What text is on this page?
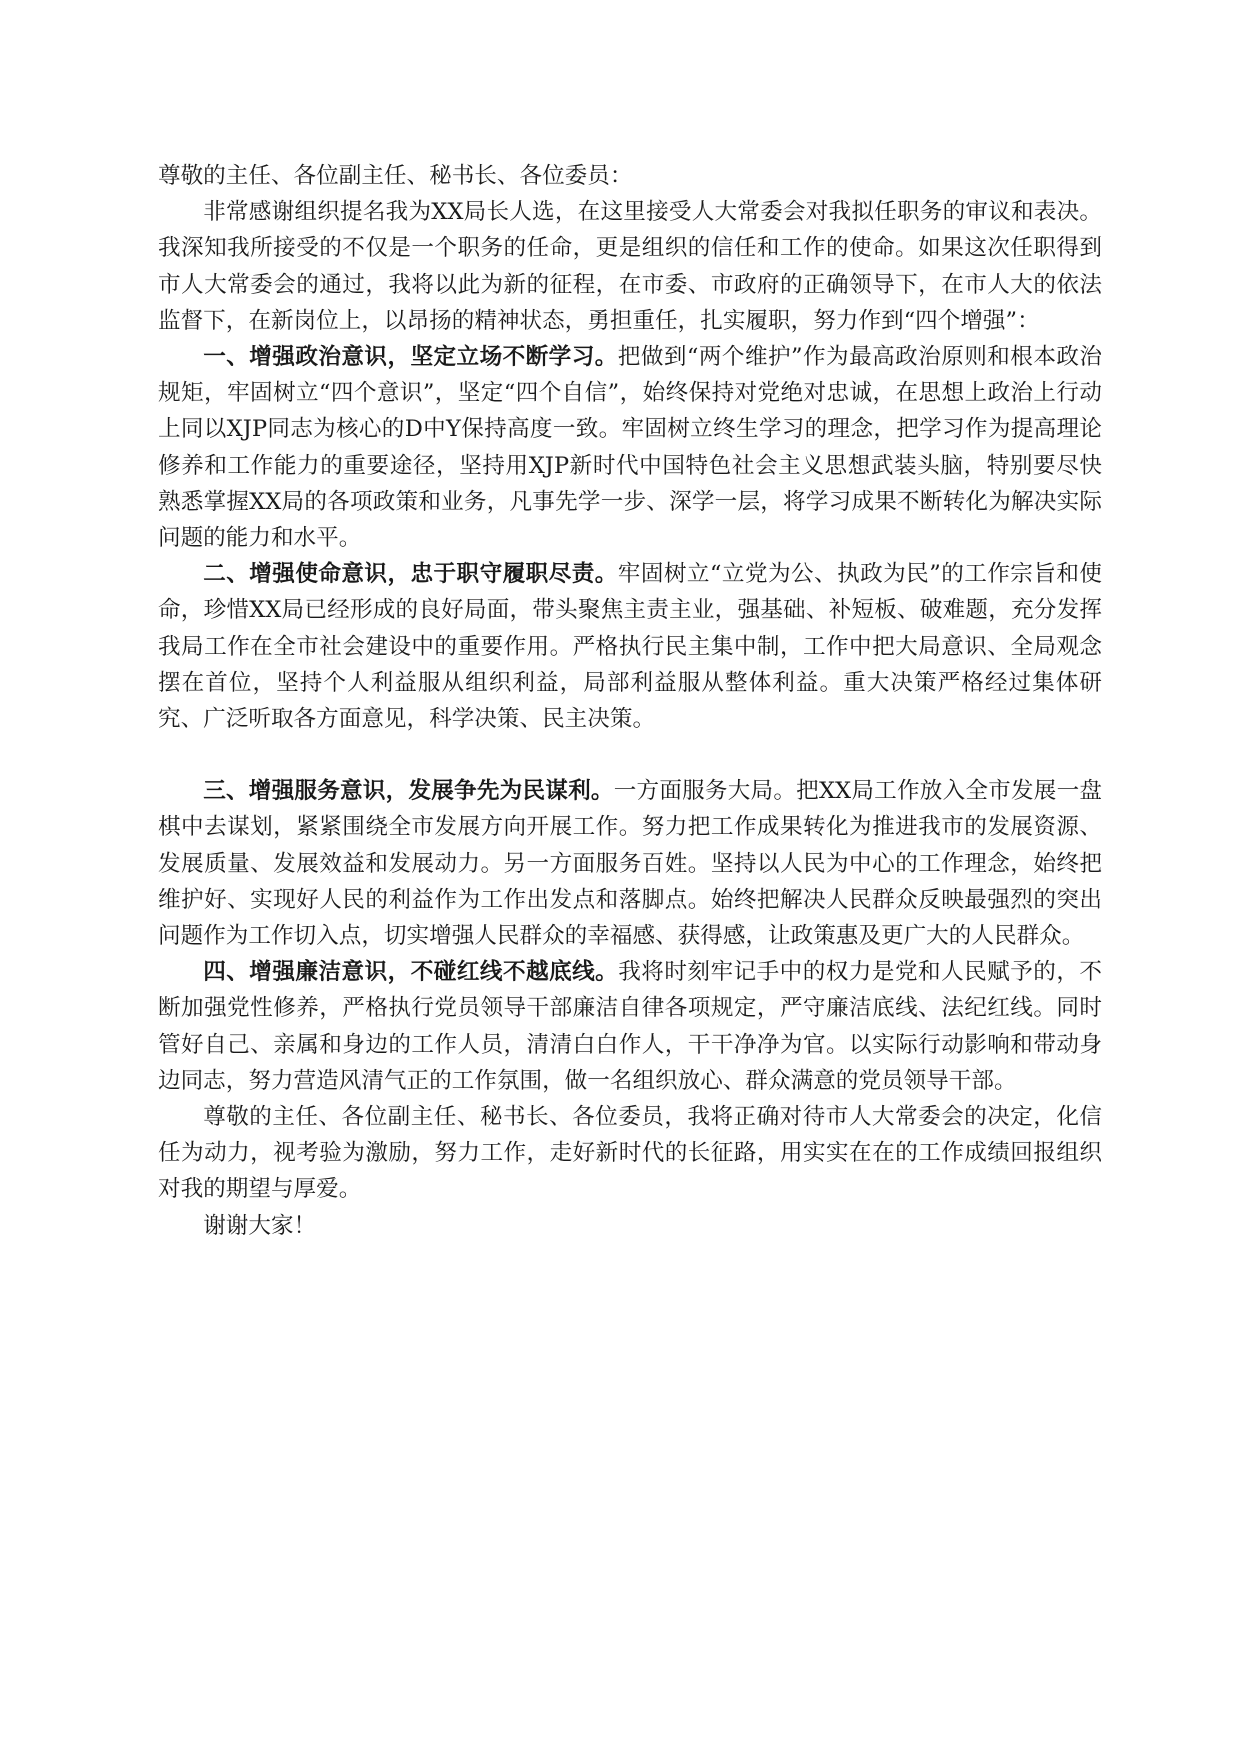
尊敬的主任、各位副主任、秘书长、各位委员：

非常感谢组织提名我为XX局长人选，在这里接受人大常委会对我拟任职务的审议和表决。我深知我所接受的不仅是一个职务的任命，更是组织的信任和工作的使命。如果这次任职得到市人大常委会的通过，我将以此为新的征程，在市委、市政府的正确领导下，在市人大的依法监督下，在新岗位上，以昂扬的精神状态，勇担重任，扎实履职，努力作到“四个增强”：

一、增强政治意识，坚定立场不断学习。把做到“两个维护”作为最高政治原则和根本政治规矩，牢固树立“四个意识”，坚定“四个自信”，始终保持对党绝对忠诚，在思想上政治上行动上同以XJP同志为核心的D中Y保持高度一致。牢固树立终生学习的理念，把学习作为提高理论修养和工作能力的重要途径，坚持用XJP新时代中国特色社会主义思想武装头脑，特别要尽快熟悉掌握XX局的各项政策和业务，凡事先学一步、深学一层，将学习成果不断转化为解决实际问题的能力和水平。

二、增强使命意识，忠于职守履职尽责。牢固树立“立党为公、执政为民”的工作宗旨和使命，珍惜XX局已经形成的良好局面，带头聚焦主责主业，强基础、补短板、破难题，充分发挥我局工作在全市社会建设中的重要作用。严格执行民主集中制，工作中把大局意识、全局观念摆在首位，坚持个人利益服从组织利益，局部利益服从整体利益。重大决策严格经过集体研究、广泛听取各方面意见，科学决策、民主决策。

三、增强服务意识，发展争先为民谋利。一方面服务大局。把XX局工作放入全市发展一盘棋中去谋划，紧紧围绕全市发展方向开展工作。努力把工作成果转化为推进我市的发展资源、发展质量、发展效益和发展动力。另一方面服务百姓。坚持以人民为中心的工作理念，始终把维护好、实现好人民的利益作为工作出发点和落脚点。始终把解决人民群众反映最强烈的突出问题作为工作切入点，切实增强人民群众的幸福感、获得感，让政策惠及更广大的人民群众。

四、增强廉洁意识，不碰红线不越底线。我将时刻牢记手中的权力是党和人民赋予的，不断加强党性修养，严格执行党员领导干部廉洁自律各项规定，严守廉洁底线、法纪红线。同时管好自己、亲属和身边的工作人员，清清白白作人，干干净净为官。以实际行动影响和带动身边同志，努力营造风清气正的工作氛围，做一名组织放心、群众满意的党员领导干部。

尊敬的主任、各位副主任、秘书长、各位委员，我将正确对待市人大常委会的决定，化信任为动力，视考验为激励，努力工作，走好新时代的长征路，用实实在在的工作成绩回报组织对我的期望与厚爱。

谢谢大家！
